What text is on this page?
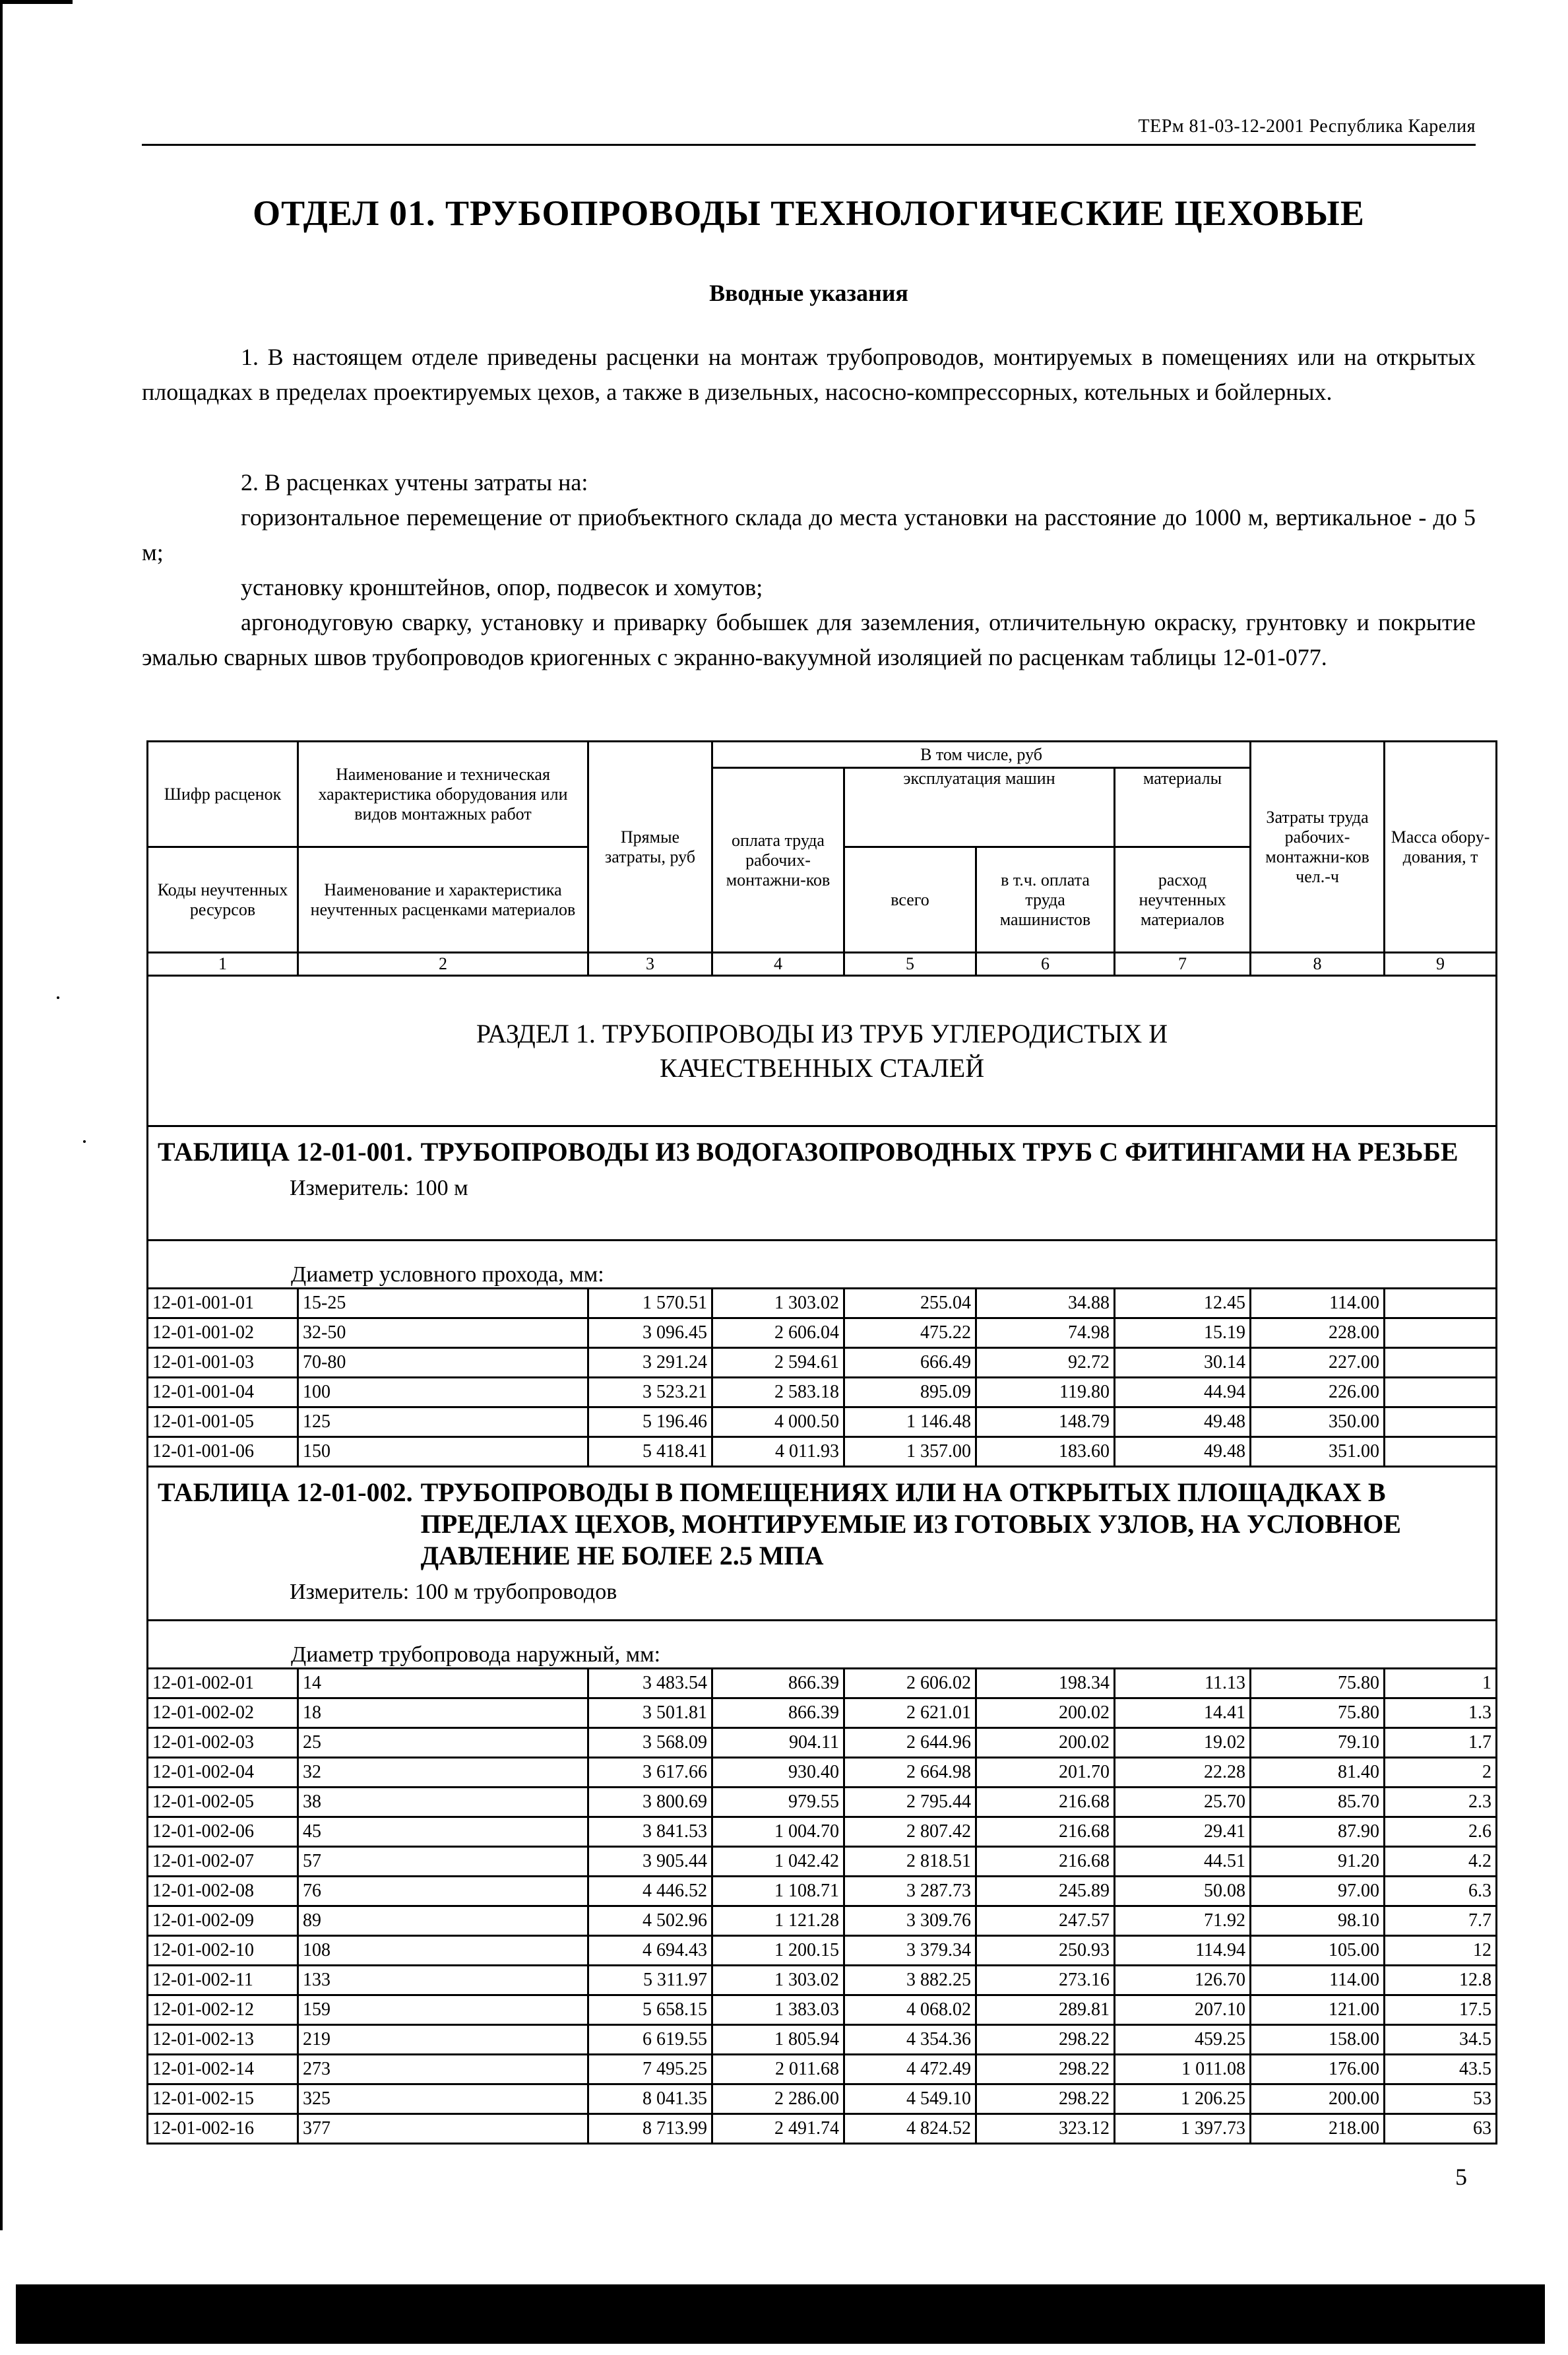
ТЕРм 81-03-12-2001 Республика Карелия
ОТДЕЛ 01. ТРУБОПРОВОДЫ ТЕХНОЛОГИЧЕСКИЕ ЦЕХОВЫЕ
Вводные указания

1. В настоящем отделе приведены расценки на монтаж трубопроводов, монтируемых в помещениях или на открытых площадках в пределах проектируемых цехов, а также в дизельных, насосно-компрессорных, котельных и бойлерных.

2. В расценках учтены затраты на:

горизонтальное перемещение от приобъектного склада до места установки на расстояние до 1000 м, вертикальное - до 5 м;

установку кронштейнов, опор, подвесок и хомутов;

аргонодуговую сварку, установку и приварку бобышек для заземления, отличительную окраску, грунтовку и покрытие эмалью сварных швов трубопроводов криогенных с экранно-вакуумной изоляцией по расценкам таблицы 12-01-077.

Шифр расценок	Наименование и техническая характеристика оборудования или видов монтажных работ	Прямые затраты, руб	В том числе, руб				Затраты труда рабочих-монтажни-ков чел.-ч	Масса обору-дования, т
			оплата труда рабочих-монтажни-ков	эксплуатация машин		материалы		
Коды неучтенных ресурсов	Наименование и характеристика неучтенных расценками материалов			всего	в т.ч. оплата труда машинистов	расход неучтенных материалов		

1	2	3	4	5	6	7	8	9

РАЗДЕЛ 1. ТРУБОПРОВОДЫ ИЗ ТРУБ УГЛЕРОДИСТЫХ И
КАЧЕСТВЕННЫХ СТАЛЕЙ								

ТАБЛИЦА 12-01-001. ТРУБОПРОВОДЫ ИЗ ВОДОГАЗОПРОВОДНЫХ ТРУБ С ФИТИНГАМИ НА РЕЗЬБЕ
Измеритель: 100 м								

Диаметр условного прохода, мм:								
12-01-001-01	15-25	1 570.51	1 303.02	255.04	34.88	12.45	114.00	
12-01-001-02	32-50	3 096.45	2 606.04	475.22	74.98	15.19	228.00	
12-01-001-03	70-80	3 291.24	2 594.61	666.49	92.72	30.14	227.00	
12-01-001-04	100	3 523.21	2 583.18	895.09	119.80	44.94	226.00	
12-01-001-05	125	5 196.46	4 000.50	1 146.48	148.79	49.48	350.00	
12-01-001-06	150	5 418.41	4 011.93	1 357.00	183.60	49.48	351.00	

ТАБЛИЦА 12-01-002. ТРУБОПРОВОДЫ В ПОМЕЩЕНИЯХ ИЛИ НА ОТКРЫТЫХ ПЛОЩАДКАХ В ПРЕДЕЛАХ ЦЕХОВ, МОНТИРУЕМЫЕ ИЗ ГОТОВЫХ УЗЛОВ, НА УСЛОВНОЕ ДАВЛЕНИЕ НЕ БОЛЕЕ 2.5 МПА
Измеритель: 100 м трубопроводов								

Диаметр трубопровода наружный, мм:								
12-01-002-01	14	3 483.54	866.39	2 606.02	198.34	11.13	75.80	1
12-01-002-02	18	3 501.81	866.39	2 621.01	200.02	14.41	75.80	1.3
12-01-002-03	25	3 568.09	904.11	2 644.96	200.02	19.02	79.10	1.7
12-01-002-04	32	3 617.66	930.40	2 664.98	201.70	22.28	81.40	2
12-01-002-05	38	3 800.69	979.55	2 795.44	216.68	25.70	85.70	2.3
12-01-002-06	45	3 841.53	1 004.70	2 807.42	216.68	29.41	87.90	2.6
12-01-002-07	57	3 905.44	1 042.42	2 818.51	216.68	44.51	91.20	4.2
12-01-002-08	76	4 446.52	1 108.71	3 287.73	245.89	50.08	97.00	6.3
12-01-002-09	89	4 502.96	1 121.28	3 309.76	247.57	71.92	98.10	7.7
12-01-002-10	108	4 694.43	1 200.15	3 379.34	250.93	114.94	105.00	12
12-01-002-11	133	5 311.97	1 303.02	3 882.25	273.16	126.70	114.00	12.8
12-01-002-12	159	5 658.15	1 383.03	4 068.02	289.81	207.10	121.00	17.5
12-01-002-13	219	6 619.55	1 805.94	4 354.36	298.22	459.25	158.00	34.5
12-01-002-14	273	7 495.25	2 011.68	4 472.49	298.22	1 011.08	176.00	43.5
12-01-002-15	325	8 041.35	2 286.00	4 549.10	298.22	1 206.25	200.00	53
12-01-002-16	377	8 713.99	2 491.74	4 824.52	323.12	1 397.73	218.00	63
5
